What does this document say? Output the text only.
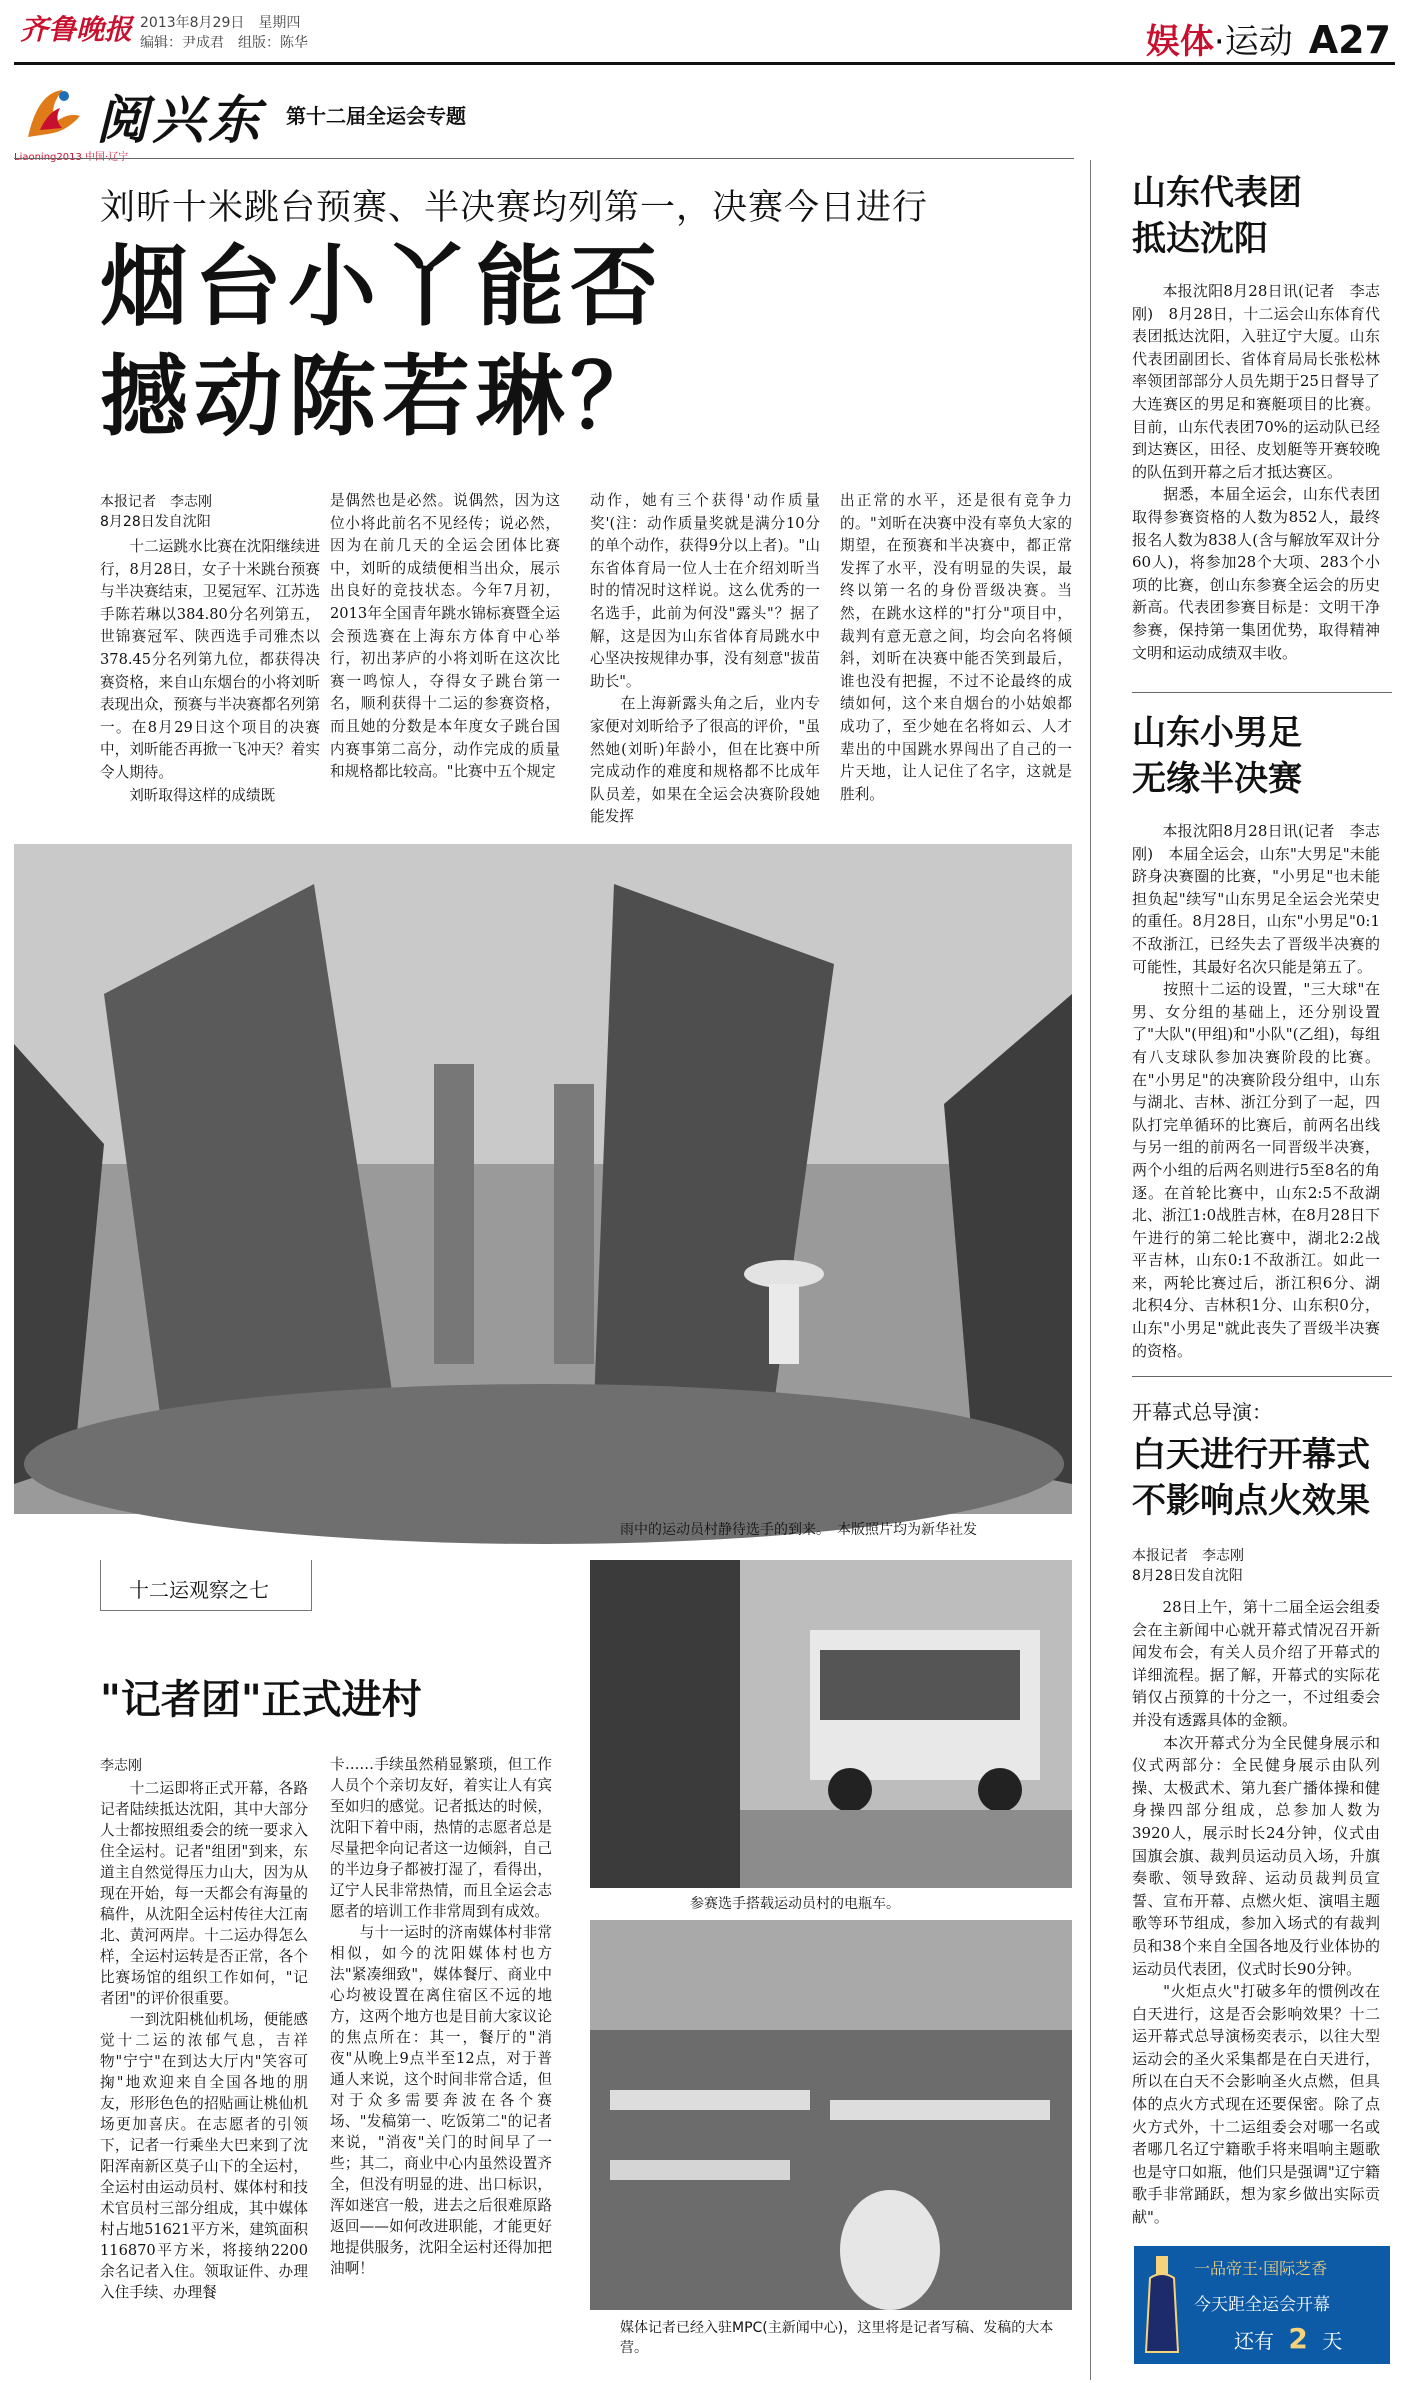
齐鲁晚报 2013年8月29日　星期四
编辑：尹成君　组版：陈华	娱体·运动 A27
阅兴东 第十二届全运会专题
刘昕十米跳台预赛、半决赛均列第一，决赛今日进行
烟台小丫能否
撼动陈若琳？
本报记者　李志刚
8月28日发自沈阳
　　十二运跳水比赛在沈阳继续进行，8月28日，女子十米跳台预赛与半决赛结束，卫冕冠军、江苏选手陈若琳以384.80分名列第五，世锦赛冠军、陕西选手司雅杰以378.45分名列第九位，都获得决赛资格，来自山东烟台的小将刘昕表现出众，预赛与半决赛都名列第一。在8月29日这个项目的决赛中，刘昕能否再掀一飞冲天？着实令人期待。
　　刘昕取得这样的成绩既
是偶然也是必然。说偶然，因为这位小将此前名不见经传；说必然，因为在前几天的全运会团体比赛中，刘昕的成绩便相当出众，展示出良好的竞技状态。今年7月初，2013年全国青年跳水锦标赛暨全运会预选赛在上海东方体育中心举行，初出茅庐的小将刘昕在这次比赛一鸣惊人，夺得女子跳台第一名，顺利获得十二运的参赛资格，而且她的分数是本年度女子跳台国内赛事第二高分，动作完成的质量和规格都比较高。"比赛中五个规定
动作，她有三个获得'动作质量奖'(注：动作质量奖就是满分10分的单个动作，获得9分以上者)。"山东省体育局一位人士在介绍刘昕当时的情况时这样说。这么优秀的一名选手，此前为何没"露头"？据了解，这是因为山东省体育局跳水中心坚决按规律办事，没有刻意"拔苗助长"。
　　在上海新露头角之后，业内专家便对刘昕给予了很高的评价，"虽然她(刘昕)年龄小，但在比赛中所完成动作的难度和规格都不比成年队员差，如果在全运会决赛阶段她能发挥
出正常的水平，还是很有竞争力的。"刘昕在决赛中没有辜负大家的期望，在预赛和半决赛中，都正常发挥了水平，没有明显的失误，最终以第一名的身份晋级决赛。当然，在跳水这样的"打分"项目中，裁判有意无意之间，均会向名将倾斜，刘昕在决赛中能否笑到最后，谁也没有把握，不过不论最终的成绩如何，这个来自烟台的小姑娘都成功了，至少她在名将如云、人才辈出的中国跳水界闯出了自己的一片天地，让人记住了名字，这就是胜利。
雨中的运动员村静待选手的到来。　本版照片均为新华社发
十二运观察之七
"记者团"正式进村
李志刚
　　十二运即将正式开幕，各路记者陆续抵达沈阳，其中大部分人士都按照组委会的统一要求入住全运村。记者"组团"到来，东道主自然觉得压力山大，因为从现在开始，每一天都会有海量的稿件，从沈阳全运村传往大江南北、黄河两岸。十二运办得怎么样，全运村运转是否正常，各个比赛场馆的组织工作如何，"记者团"的评价很重要。
　　一到沈阳桃仙机场，便能感觉十二运的浓郁气息，吉祥物"宁宁"在到达大厅内"笑容可掬"地欢迎来自全国各地的朋友，形形色色的招贴画让桃仙机场更加喜庆。在志愿者的引领下，记者一行乘坐大巴来到了沈阳浑南新区莫子山下的全运村，全运村由运动员村、媒体村和技术官员村三部分组成，其中媒体村占地51621平方米，建筑面积116870平方米，将接纳2200余名记者入住。领取证件、办理入住手续、办理餐
卡……手续虽然稍显繁琐，但工作人员个个亲切友好，着实让人有宾至如归的感觉。记者抵达的时候，沈阳下着中雨，热情的志愿者总是尽量把伞向记者这一边倾斜，自己的半边身子都被打湿了，看得出，辽宁人民非常热情，而且全运会志愿者的培训工作非常周到有成效。
　　与十一运时的济南媒体村非常相似，如今的沈阳媒体村也方法"紧凑细致"，媒体餐厅、商业中心均被设置在离住宿区不远的地方，这两个地方也是目前大家议论的焦点所在：其一，餐厅的"消夜"从晚上9点半至12点，对于普通人来说，这个时间非常合适，但对于众多需要奔波在各个赛场、"发稿第一、吃饭第二"的记者来说，"消夜"关门的时间早了一些；其二，商业中心内虽然设置齐全，但没有明显的进、出口标识，浑如迷宫一般，进去之后很难原路返回——如何改进职能，才能更好地提供服务，沈阳全运村还得加把油啊！
参赛选手搭载运动员村的电瓶车。
媒体记者已经入驻MPC(主新闻中心)，这里将是记者写稿、发稿的大本营。
山东代表团
抵达沈阳
　　本报沈阳8月28日讯(记者　李志刚)　8月28日，十二运会山东体育代表团抵达沈阳，入驻辽宁大厦。山东代表团副团长、省体育局局长张松林率领团部部分人员先期于25日督导了大连赛区的男足和赛艇项目的比赛。目前，山东代表团70%的运动队已经到达赛区，田径、皮划艇等开赛较晚的队伍到开幕之后才抵达赛区。
　　据悉，本届全运会，山东代表团取得参赛资格的人数为852人，最终报名人数为838人(含与解放军双计分60人)，将参加28个大项、283个小项的比赛，创山东参赛全运会的历史新高。代表团参赛目标是：文明干净参赛，保持第一集团优势，取得精神文明和运动成绩双丰收。
山东小男足
无缘半决赛
　　本报沈阳8月28日讯(记者　李志刚)　本届全运会，山东"大男足"未能跻身决赛圈的比赛，"小男足"也未能担负起"续写"山东男足全运会光荣史的重任。8月28日，山东"小男足"0:1不敌浙江，已经失去了晋级半决赛的可能性，其最好名次只能是第五了。
　　按照十二运的设置，"三大球"在男、女分组的基础上，还分别设置了"大队"(甲组)和"小队"(乙组)，每组有八支球队参加决赛阶段的比赛。在"小男足"的决赛阶段分组中，山东与湖北、吉林、浙江分到了一起，四队打完单循环的比赛后，前两名出线与另一组的前两名一同晋级半决赛，两个小组的后两名则进行5至8名的角逐。在首轮比赛中，山东2:5不敌湖北、浙江1:0战胜吉林，在8月28日下午进行的第二轮比赛中，湖北2:2战平吉林，山东0:1不敌浙江。如此一来，两轮比赛过后，浙江积6分、湖北积4分、吉林积1分、山东积0分，山东"小男足"就此丧失了晋级半决赛的资格。
开幕式总导演：
白天进行开幕式
不影响点火效果
本报记者　李志刚
8月28日发自沈阳
　　28日上午，第十二届全运会组委会在主新闻中心就开幕式情况召开新闻发布会，有关人员介绍了开幕式的详细流程。据了解，开幕式的实际花销仅占预算的十分之一，不过组委会并没有透露具体的金额。
　　本次开幕式分为全民健身展示和仪式两部分：全民健身展示由队列操、太极武术、第九套广播体操和健身操四部分组成，总参加人数为3920人，展示时长24分钟，仪式由国旗会旗、裁判员运动员入场，升旗奏歌、领导致辞、运动员裁判员宣誓、宣布开幕、点燃火炬、演唱主题歌等环节组成，参加入场式的有裁判员和38个来自全国各地及行业体协的运动员代表团，仪式时长90分钟。
　　"火炬点火"打破多年的惯例改在白天进行，这是否会影响效果？十二运开幕式总导演杨奕表示，以往大型运动会的圣火采集都是在白天进行，所以在白天不会影响圣火点燃，但具体的点火方式现在还要保密。除了点火方式外，十二运组委会对哪一名或者哪几名辽宁籍歌手将来唱响主题歌也是守口如瓶，他们只是强调"辽宁籍歌手非常踊跃，想为家乡做出实际贡献"。
一品帝王·国际芝香
今天距全运会开幕
还有 2 天
